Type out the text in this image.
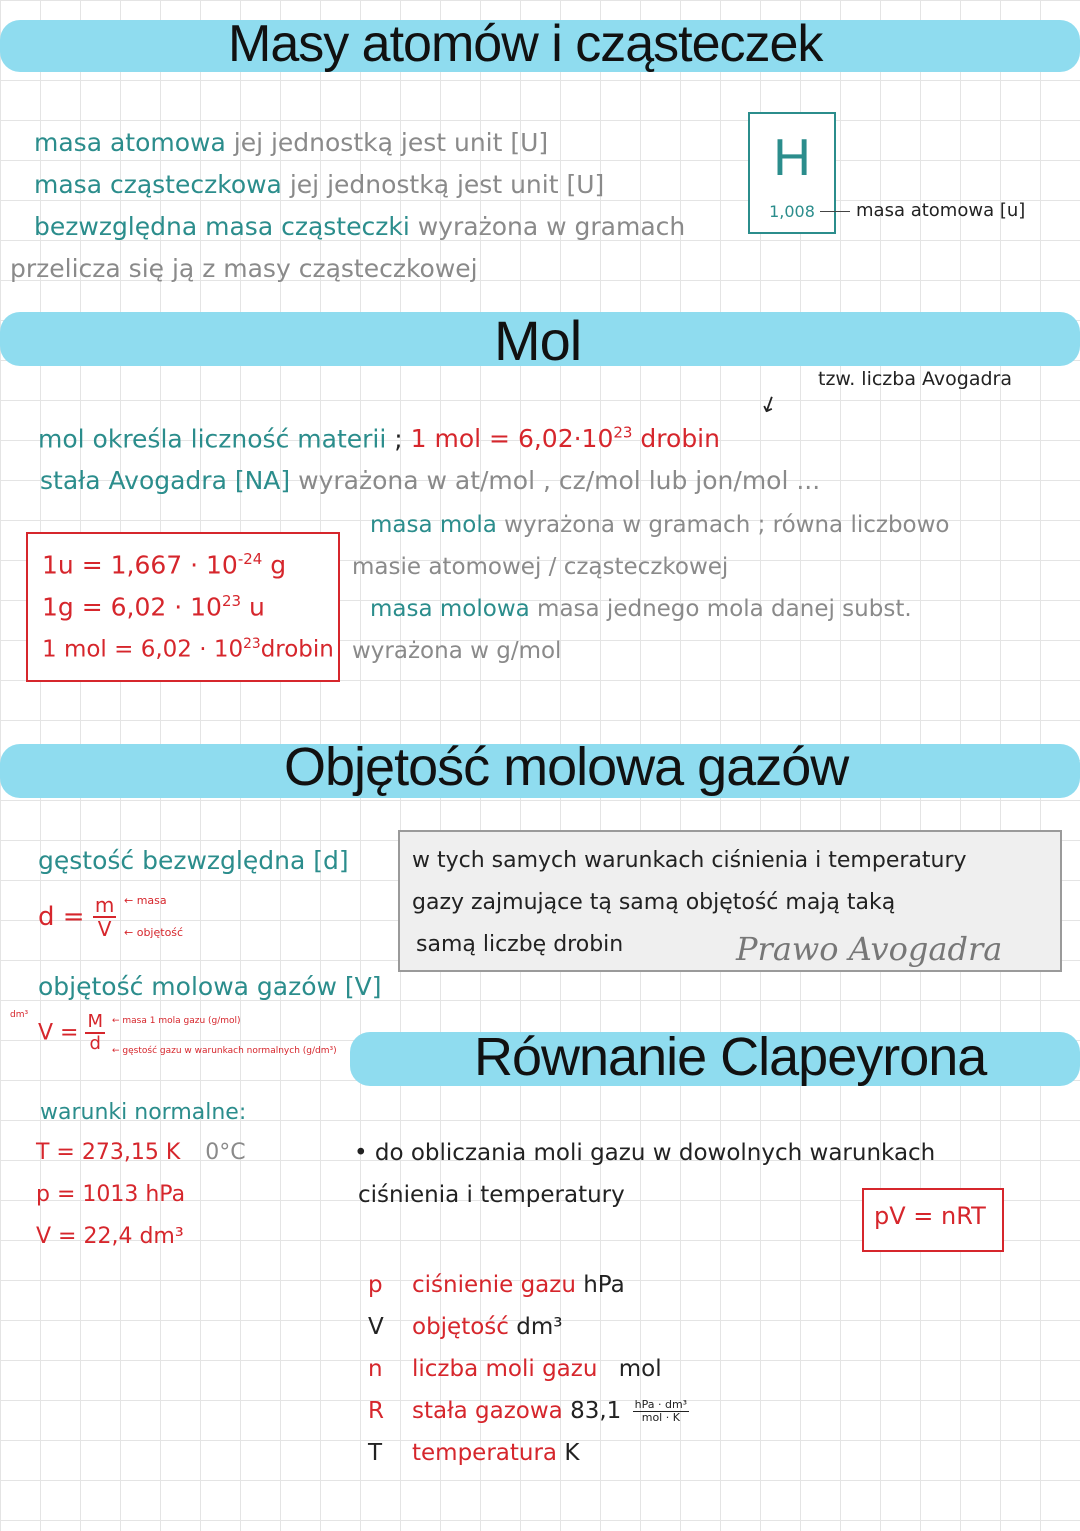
Masy atomów i cząsteczek
masa atomowa jej jednostką jest unit [U]
masa cząsteczkowa jej jednostką jest unit [U]
bezwzględna masa cząsteczki wyrażona w gramach
przelicza się ją z masy cząsteczkowej
H
1,008	masa atomowa [u]
Mol
tzw. liczba Avogadra
↙
mol określa liczność materii ; 1 mol = $6,02\cdot 10^{23}$ drobin
stała Avogadra [NA] wyrażona w at/mol , cz/mol lub jon/mol ...
$1u = 1,667 \cdot 10^{-24}$ g
$1g = 6,02 \cdot 10^{23}$ u
1 mol = $6,02 \cdot 10^{23}drobin$
masa mola wyrażona w gramach ; równa liczbowo
masie atomowej / cząsteczkowej
masa molowa masa jednego mola danej subst.
wyrażona w g/mol
Objętość molowa gazów
gęstość bezwzględna [d]
$d = \frac{m}{V}$ ← masa
← objętość
objętość molowa gazów [V]
dm³
$V = \frac{M}{d}$ ← masa 1 mola gazu (g/mol)
← gęstość gazu w warunkach normalnych (g/dm³)
warunki normalne:
T = 273,15 K 0°C
p = 1013 hPa
V = 22,4 dm³
w tych samych warunkach ciśnienia i temperatury
gazy zajmujące tą samą objętość mają taką
samą liczbę drobin	Prawo Avogadra
Równanie Clapeyrona
• do obliczania moli gazu w dowolnych warunkach
ciśnienia i temperatury
pV = nRT
p ciśnienie gazu hPa
V objętość dm³
n liczba moli gazu mol
R stała gazowa $83,1 \frac{\text{hPa · dm³}}{\text{mol · K}}$
T temperatura K
